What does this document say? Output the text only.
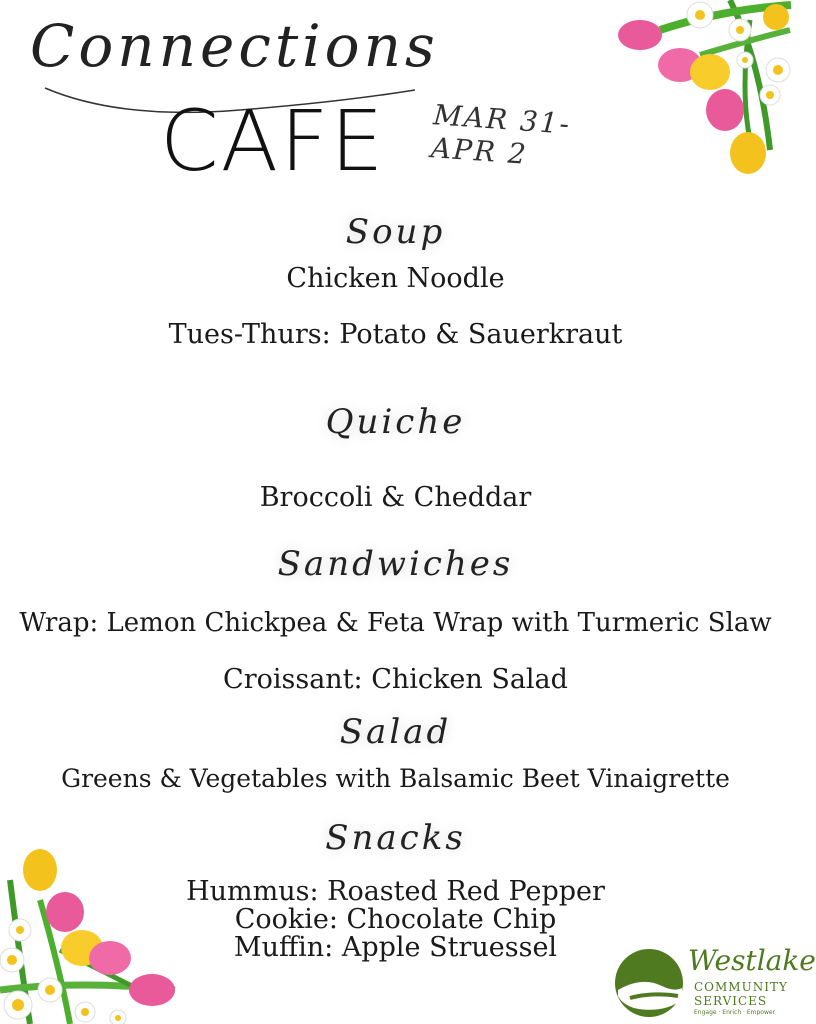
Connections
CAFE MAR 31-APR 2
Soup
Chicken Noodle
Tues-Thurs: Potato & Sauerkraut
Quiche
Broccoli & Cheddar
Sandwiches
Wrap: Lemon Chickpea & Feta Wrap with Turmeric Slaw
Croissant: Chicken Salad
Salad
Greens & Vegetables with Balsamic Beet Vinaigrette
Snacks
Hummus: Roasted Red Pepper
Cookie: Chocolate Chip
Muffin: Apple Struessel	Westlake
COMMUNITY
SERVICES
Engage · Enrich · Empower
